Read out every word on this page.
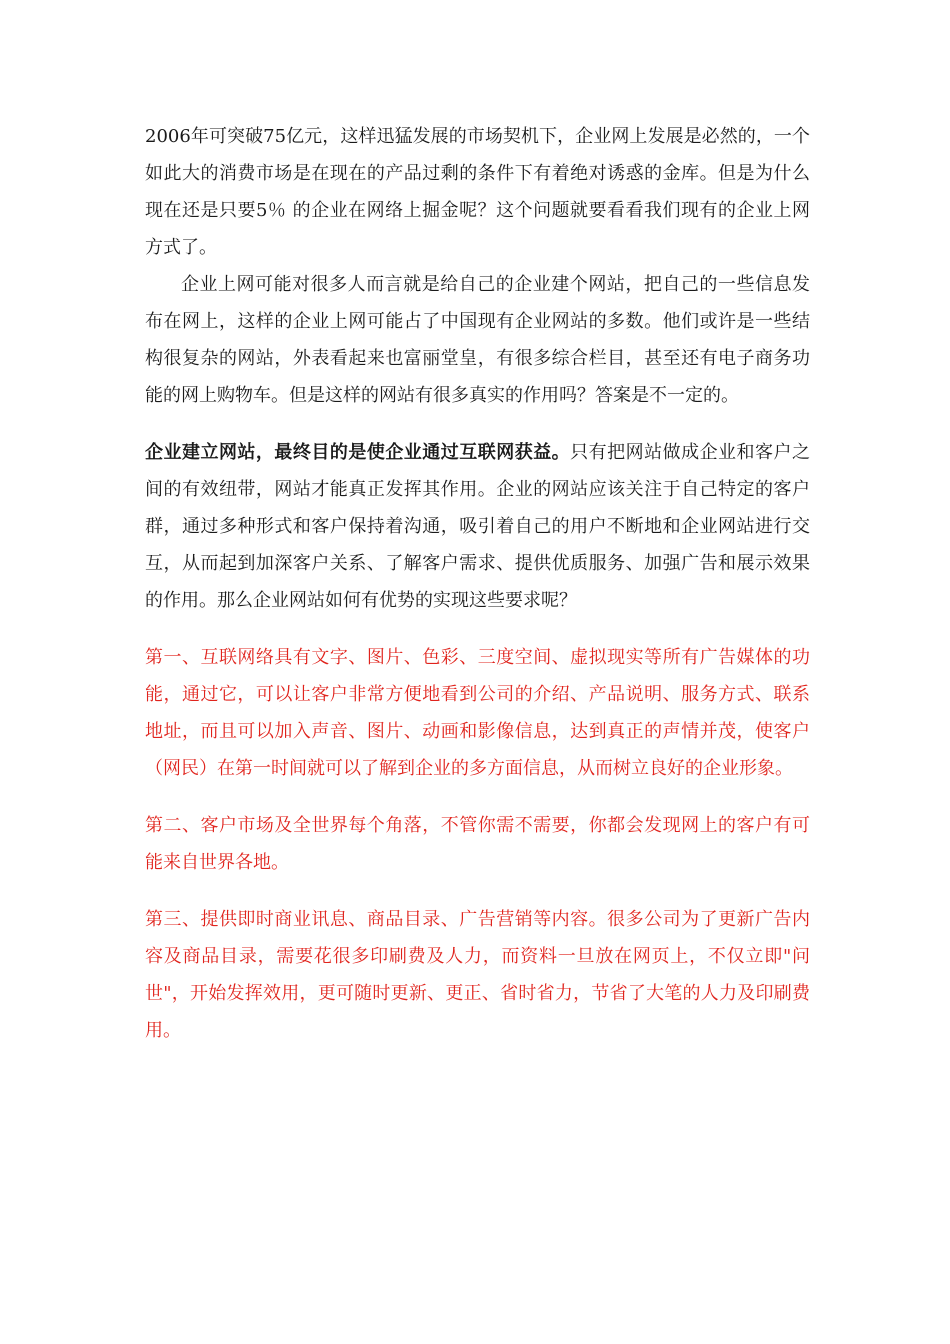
2006年可突破75亿元，这样迅猛发展的市场契机下，企业网上发展是必然的，一个如此大的消费市场是在现在的产品过剩的条件下有着绝对诱惑的金库。但是为什么现在还是只要5％ 的企业在网络上掘金呢？这个问题就要看看我们现有的企业上网方式了。

企业上网可能对很多人而言就是给自己的企业建个网站，把自己的一些信息发布在网上，这样的企业上网可能占了中国现有企业网站的多数。他们或许是一些结构很复杂的网站，外表看起来也富丽堂皇，有很多综合栏目，甚至还有电子商务功能的网上购物车。但是这样的网站有很多真实的作用吗？答案是不一定的。

企业建立网站，最终目的是使企业通过互联网获益。只有把网站做成企业和客户之间的有效纽带，网站才能真正发挥其作用。企业的网站应该关注于自己特定的客户群，通过多种形式和客户保持着沟通，吸引着自己的用户不断地和企业网站进行交互，从而起到加深客户关系、了解客户需求、提供优质服务、加强广告和展示效果的作用。那么企业网站如何有优势的实现这些要求呢？

第一、互联网络具有文字、图片、色彩、三度空间、虚拟现实等所有广告媒体的功能，通过它，可以让客户非常方便地看到公司的介绍、产品说明、服务方式、联系地址，而且可以加入声音、图片、动画和影像信息，达到真正的声情并茂，使客户（网民）在第一时间就可以了解到企业的多方面信息，从而树立良好的企业形象。

第二、客户市场及全世界每个角落，不管你需不需要，你都会发现网上的客户有可能来自世界各地。

第三、提供即时商业讯息、商品目录、广告营销等内容。很多公司为了更新广告内容及商品目录，需要花很多印刷费及人力，而资料一旦放在网页上，不仅立即"问世"，开始发挥效用，更可随时更新、更正、省时省力，节省了大笔的人力及印刷费用。
